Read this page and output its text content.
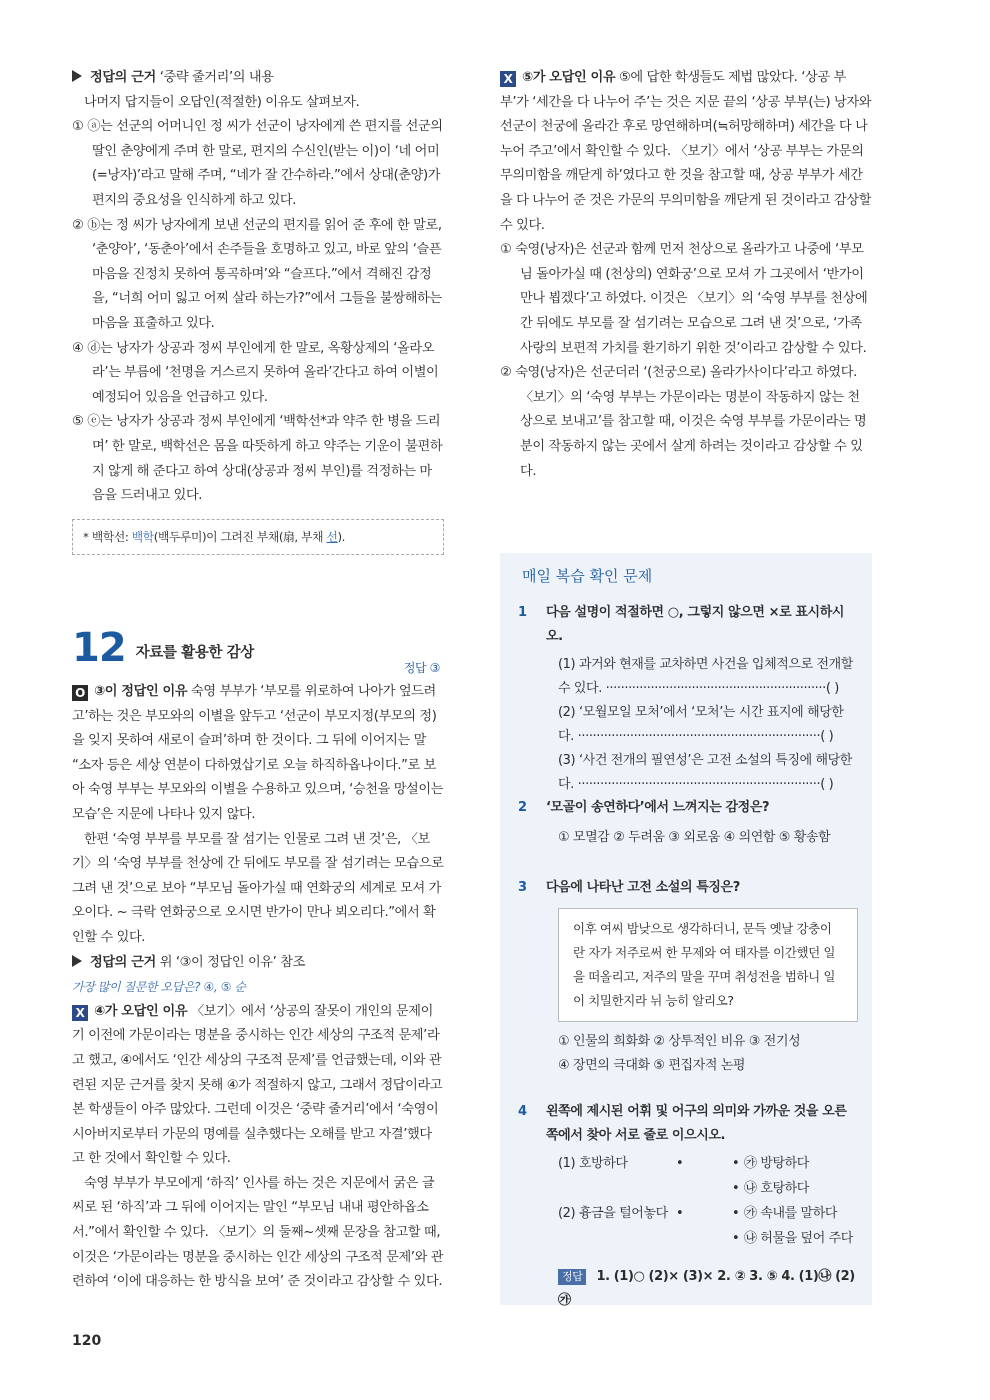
정답의 근거 ‘중략 줄거리’의 내용

나머지 답지들이 오답인(적절한) 이유도 살펴보자.

① ⓐ는 선군의 어머니인 정 씨가 선군이 낭자에게 쓴 편지를 선군의 딸인 춘양에게 주며 한 말로, 편지의 수신인(받는 이)이 ‘네 어미(=낭자)’라고 말해 주며, “네가 잘 간수하라.”에서 상대(춘양)가 편지의 중요성을 인식하게 하고 있다.

② ⓑ는 정 씨가 낭자에게 보낸 선군의 편지를 읽어 준 후에 한 말로, ‘춘양아’, ‘동춘아’에서 손주들을 호명하고 있고, 바로 앞의 ‘슬픈 마음을 진정치 못하여 통곡하며’와 “슬프다.”에서 격해진 감정을, “너희 어미 잃고 어찌 살라 하는가?”에서 그들을 불쌍해하는 마음을 표출하고 있다.

④ ⓓ는 낭자가 상공과 정씨 부인에게 한 말로, 옥황상제의 ‘올라오라’는 부름에 ‘천명을 거스르지 못하여 올라’간다고 하여 이별이 예정되어 있음을 언급하고 있다.

⑤ ⓔ는 낭자가 상공과 정씨 부인에게 ‘백학선*과 약주 한 병을 드리며’ 한 말로, 백학선은 몸을 따뜻하게 하고 약주는 기운이 불편하지 않게 해 준다고 하여 상대(상공과 정씨 부인)를 걱정하는 마음을 드러내고 있다.

* 백학선: 백학(백두루미)이 그려진 부채(扇, 부채 선).
12 자료를 활용한 감상
정답 ③

O ③이 정답인 이유 숙영 부부가 ‘부모를 위로하여 나아가 엎드려 고’하는 것은 부모와의 이별을 앞두고 ‘선군이 부모지정(부모의 정)을 잊지 못하여 새로이 슬퍼’하며 한 것이다. 그 뒤에 이어지는 말 “소자 등은 세상 연분이 다하였삽기로 오늘 하직하옵나이다.”로 보아 숙영 부부는 부모와의 이별을 수용하고 있으며, ‘승천을 망설이는 모습’은 지문에 나타나 있지 않다.

한편 ‘숙영 부부를 부모를 잘 섬기는 인물로 그려 낸 것’은, 〈보기〉의 ‘숙영 부부를 천상에 간 뒤에도 부모를 잘 섬기려는 모습으로 그려 낸 것’으로 보아 “부모님 돌아가실 때 연화궁의 세계로 모셔 가오이다. ~ 극락 연화궁으로 오시면 반가이 만나 뵈오리다.”에서 확인할 수 있다.

정답의 근거 위 ‘③이 정답인 이유’ 참조

가장 많이 질문한 오답은? ④, ⑤ 순

X ④가 오답인 이유 〈보기〉에서 ‘상공의 잘못이 개인의 문제이기 이전에 가문이라는 명분을 중시하는 인간 세상의 구조적 문제’라고 했고, ④에서도 ‘인간 세상의 구조적 문제’를 언급했는데, 이와 관련된 지문 근거를 찾지 못해 ④가 적절하지 않고, 그래서 정답이라고 본 학생들이 아주 많았다. 그런데 이것은 ‘중략 줄거리’에서 ‘숙영이 시아버지로부터 가문의 명예를 실추했다는 오해를 받고 자결’했다고 한 것에서 확인할 수 있다.

숙영 부부가 부모에게 ‘하직’ 인사를 하는 것은 지문에서 굵은 글씨로 된 ‘하직’과 그 뒤에 이어지는 말인 “부모님 내내 평안하옵소서.”에서 확인할 수 있다. 〈보기〉의 둘째~셋째 문장을 참고할 때, 이것은 ‘가문이라는 명분을 중시하는 인간 세상의 구조적 문제’와 관련하여 ‘이에 대응하는 한 방식을 보여’ 준 것이라고 감상할 수 있다.

X ⑤가 오답인 이유 ⑤에 답한 학생들도 제법 많았다. ‘상공 부부’가 ‘세간을 다 나누어 주’는 것은 지문 끝의 ‘상공 부부(는) 낭자와 선군이 천궁에 올라간 후로 망연해하며(≒허망해하며) 세간을 다 나누어 주고’에서 확인할 수 있다. 〈보기〉에서 ‘상공 부부는 가문의 무의미함을 깨닫게 하’였다고 한 것을 참고할 때, 상공 부부가 세간을 다 나누어 준 것은 가문의 무의미함을 깨닫게 된 것이라고 감상할 수 있다.

① 숙영(낭자)은 선군과 함께 먼저 천상으로 올라가고 나중에 ‘부모님 돌아가실 때 (천상의) 연화궁’으로 모셔 가 그곳에서 ‘반가이 만나 뵙겠다’고 하였다. 이것은 〈보기〉의 ‘숙영 부부를 천상에 간 뒤에도 부모를 잘 섬기려는 모습으로 그려 낸 것’으로, ‘가족 사랑의 보편적 가치를 환기하기 위한 것’이라고 감상할 수 있다.

② 숙영(낭자)은 선군더러 ‘(천궁으로) 올라가사이다’라고 하였다. 〈보기〉의 ‘숙영 부부는 가문이라는 명분이 작동하지 않는 천상으로 보내고’를 참고할 때, 이것은 숙영 부부를 가문이라는 명분이 작동하지 않는 곳에서 살게 하려는 것이라고 감상할 수 있다.

매일 복습 확인 문제
1 다음 설명이 적절하면 ○, 그렇지 않으면 ×로 표시하시오.
(1) 과거와 현재를 교차하면 사건을 입체적으로 전개할 수 있다. ···························································( )
(2) ‘모월모일 모처’에서 ‘모처’는 시간 표지에 해당한다. ·································································( )
(3) ‘사건 전개의 필연성’은 고전 소설의 특징에 해당한다. ·································································( )
2 ‘모골이 송연하다’에서 느껴지는 감정은?
① 모멸감 ② 두려움 ③ 외로움 ④ 의연함 ⑤ 황송함
3 다음에 나타난 고전 소설의 특징은?
이후 여씨 밤낮으로 생각하더니, 문득 옛날 강충이란 자가 저주로써 한 무제와 여 태자를 이간했던 일을 떠올리고, 저주의 말을 꾸며 취성전을 범하니 일이 치밀한지라 뉘 능히 알리오?
① 인물의 희화화 ② 상투적인 비유 ③ 전기성
④ 장면의 극대화 ⑤ 편집자적 논평
4 왼쪽에 제시된 어휘 및 어구의 의미와 가까운 것을 오른쪽에서 찾아 서로 줄로 이으시오.
(1) 호방하다	•
(2) 흉금을 털어놓다 •
• ㉮ 방탕하다
• ㉯ 호탕하다
• ㉮ 속내를 말하다
• ㉯ 허물을 덮어 주다
정답 1. (1)○ (2)× (3)× 2. ② 3. ⑤ 4. (1)㉯ (2)㉮
120
